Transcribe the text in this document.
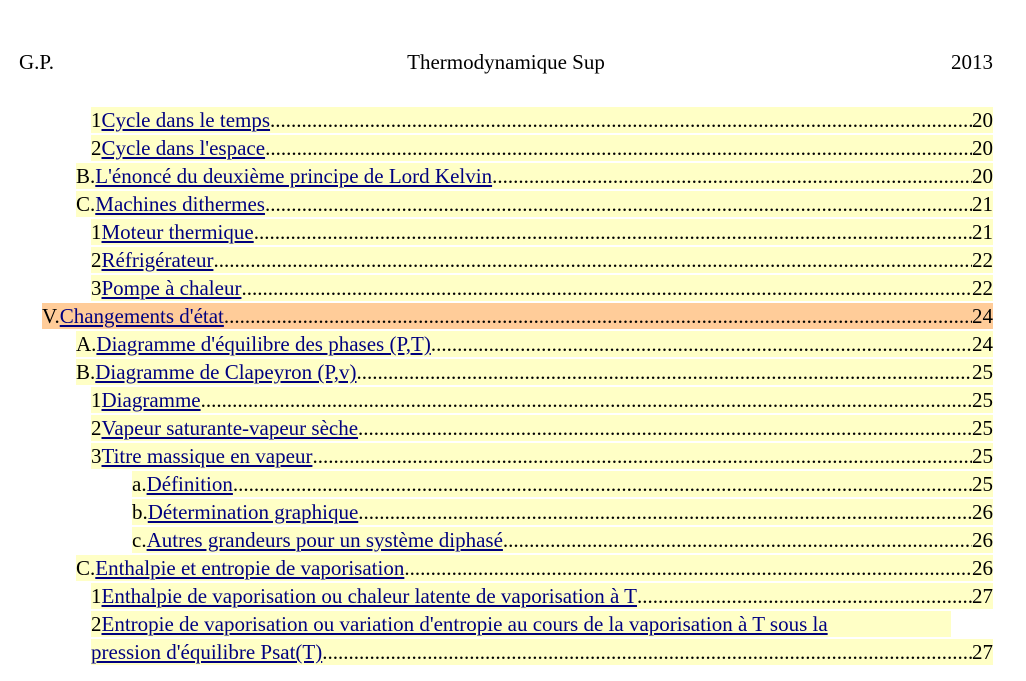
G.P.	Thermodynamique Sup	2013
1 Cycle dans le temps .....	20
2 Cycle dans l'espace .....	20
B. L'énoncé du deuxième principe de Lord Kelvin .....	20
C. Machines dithermes .....	21
1 Moteur thermique .....	21
2 Réfrigérateur .....	22
3 Pompe à chaleur .....	22
V. Changements d'état .....	24
A. Diagramme d'équilibre des phases (P,T) .....	24
B. Diagramme de Clapeyron (P,v) .....	25
1 Diagramme .....	25
2 Vapeur saturante-vapeur sèche .....	25
3 Titre massique en vapeur .....	25
a. Définition .....	25
b. Détermination graphique .....	26
c. Autres grandeurs pour un système diphasé .....	26
C. Enthalpie et entropie de vaporisation .....	26
1 Enthalpie de vaporisation ou chaleur latente de vaporisation à T .....	27
2Entropie de vaporisation ou variation d'entropie au cours de la vaporisation à T sous la
pression d'équilibre Psat(T) .....	27
